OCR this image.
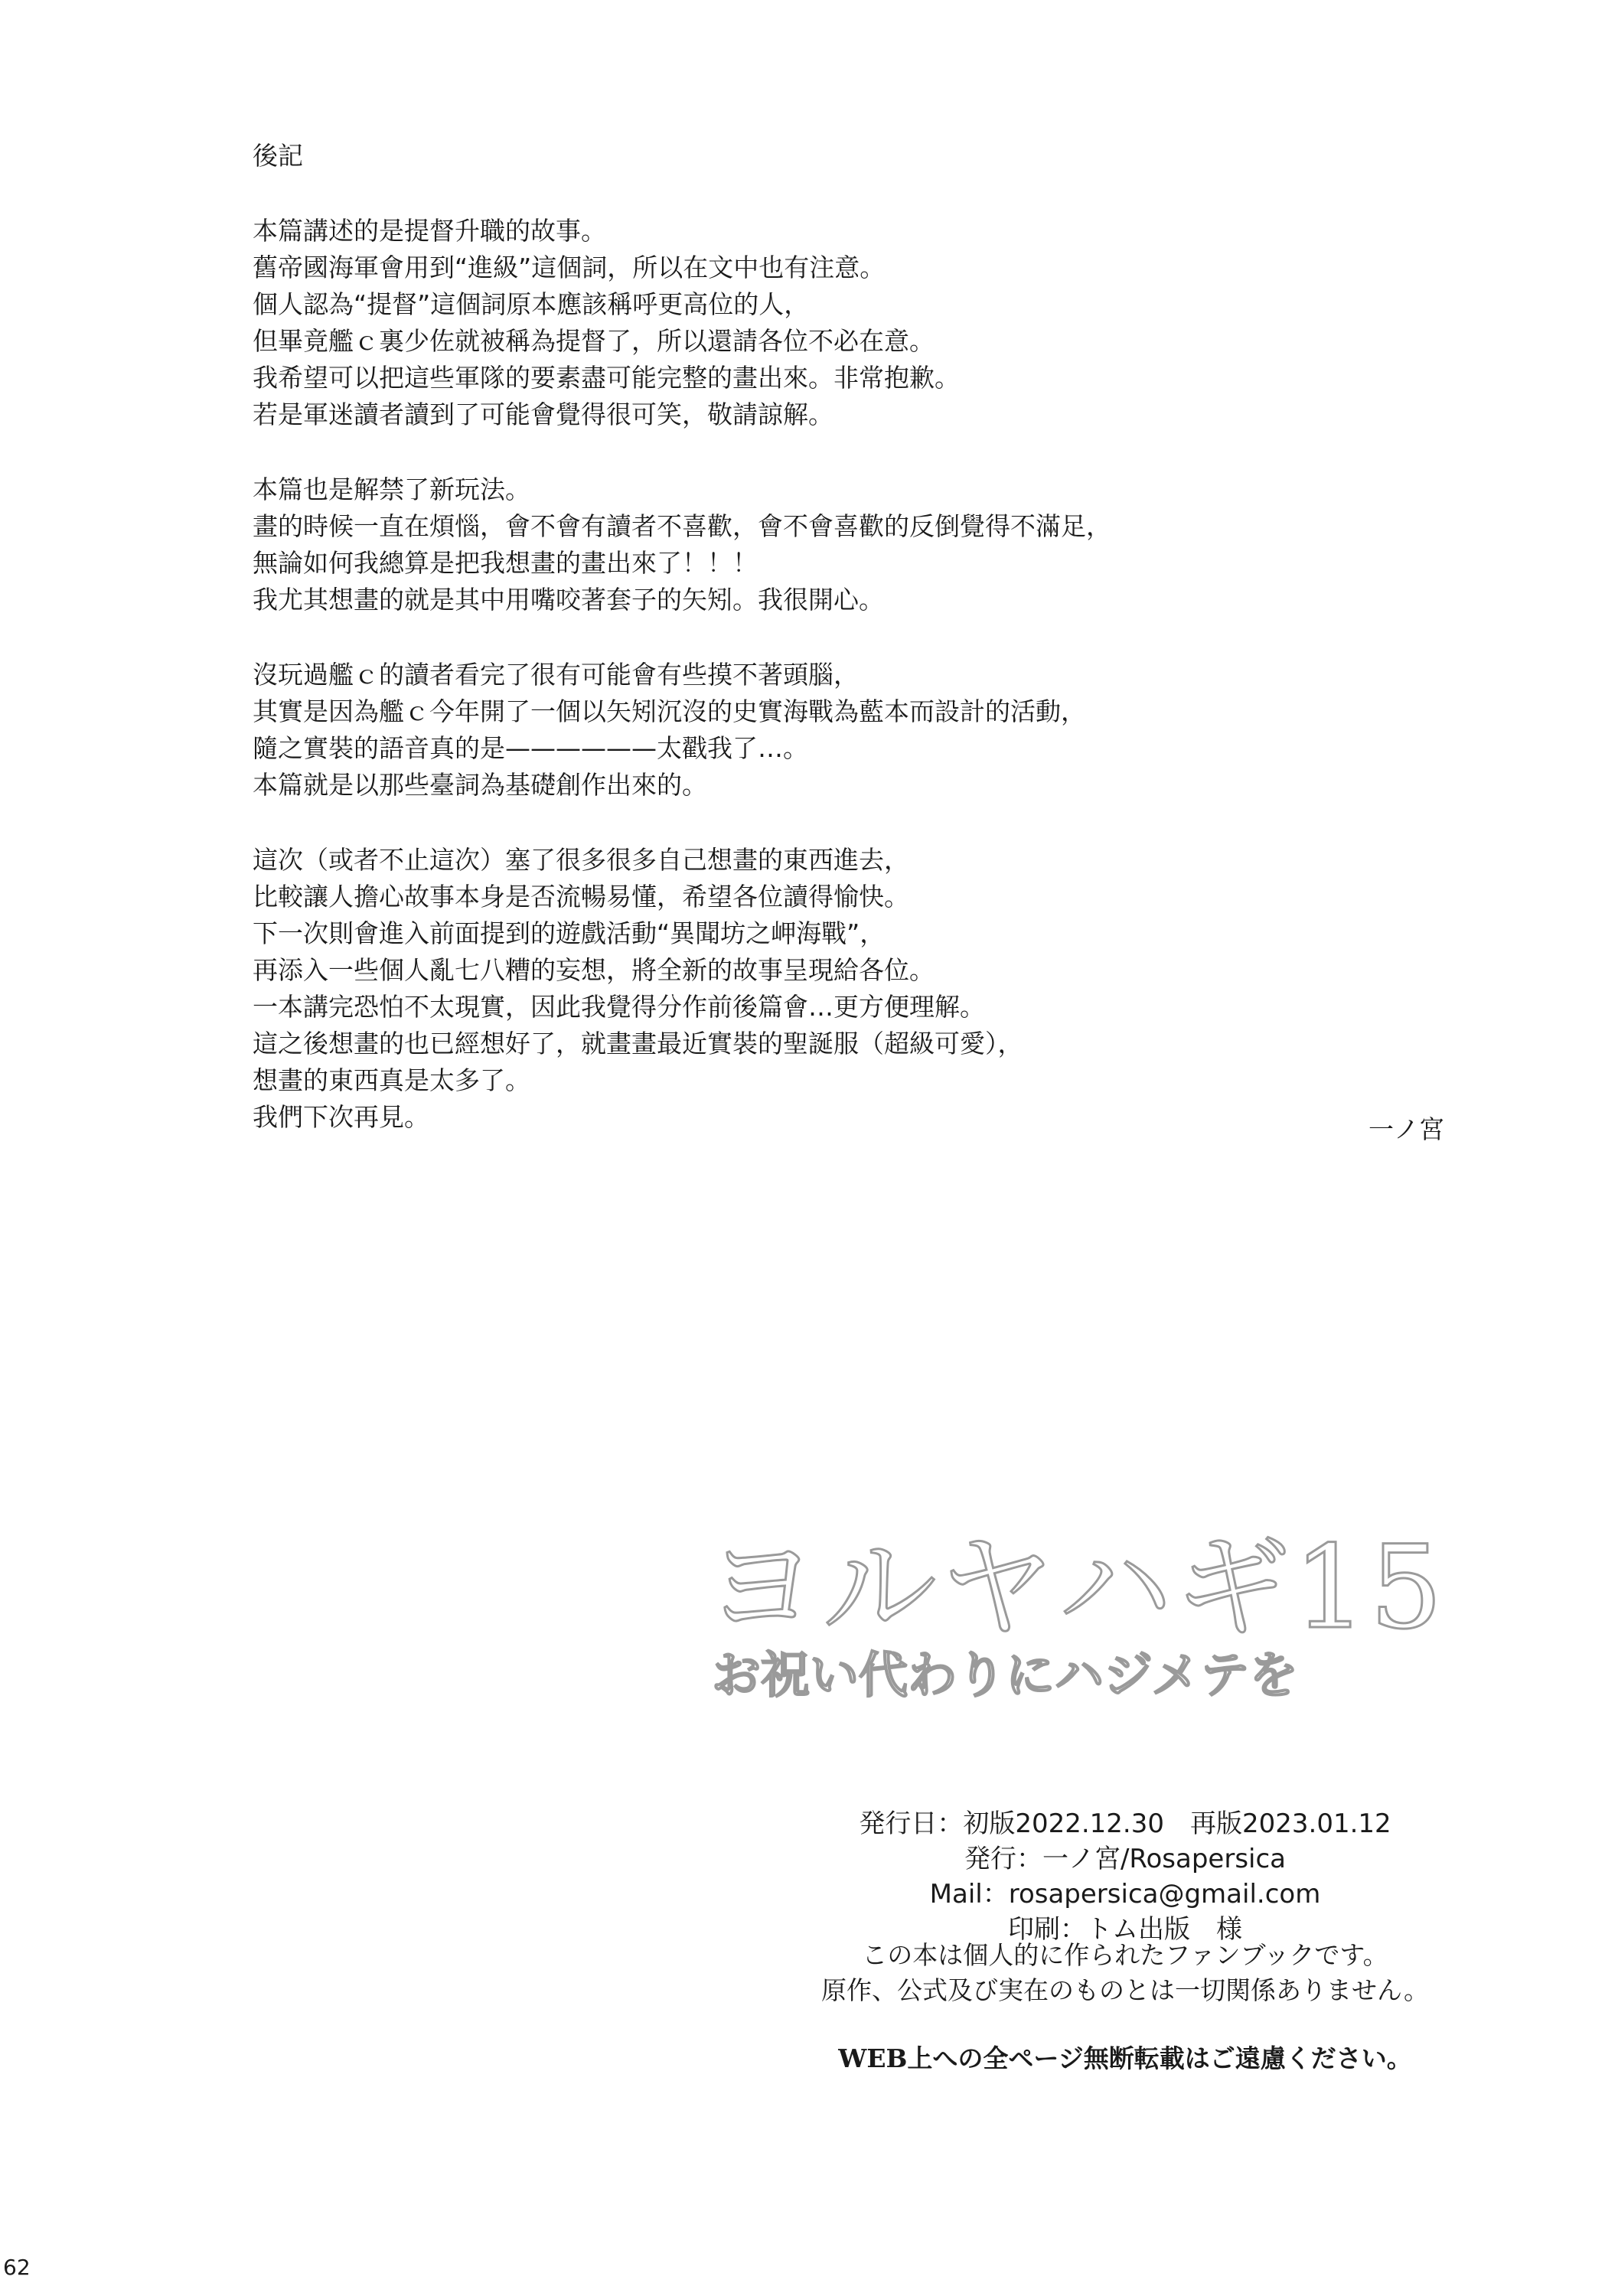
後記
本篇講述的是提督升職的故事。
舊帝國海軍會用到“進級”這個詞，所以在文中也有注意。
個人認為“提督”這個詞原本應該稱呼更高位的人，
但畢竟艦ｃ裏少佐就被稱為提督了，所以還請各位不必在意。
我希望可以把這些軍隊的要素盡可能完整的畫出來。非常抱歉。
若是軍迷讀者讀到了可能會覺得很可笑，敬請諒解。
本篇也是解禁了新玩法。
畫的時候一直在煩惱，會不會有讀者不喜歡，會不會喜歡的反倒覺得不滿足，
無論如何我總算是把我想畫的畫出來了！！！
我尤其想畫的就是其中用嘴咬著套子的矢矧。我很開心。
沒玩過艦ｃ的讀者看完了很有可能會有些摸不著頭腦，
其實是因為艦ｃ今年開了一個以矢矧沉沒的史實海戰為藍本而設計的活動，
隨之實裝的語音真的是——————太戳我了…。
本篇就是以那些臺詞為基礎創作出來的。
這次（或者不止這次）塞了很多很多自己想畫的東西進去，
比較讓人擔心故事本身是否流暢易懂，希望各位讀得愉快。
下一次則會進入前面提到的遊戲活動“異聞坊之岬海戰”，
再添入一些個人亂七八糟的妄想，將全新的故事呈現給各位。
一本講完恐怕不太現實，因此我覺得分作前後篇會…更方便理解。
這之後想畫的也已經想好了，就畫畫最近實裝的聖誕服（超級可愛），
想畫的東西真是太多了。
我們下次再見。	一ノ宮
ヨルヤハギ15
お祝い代わりにハジメテを
発行日：初版2022.12.30　再版2023.01.12
発行：一ノ宮/Rosapersica
Mail：rosapersica@gmail.com
印刷：トム出版　様
この本は個人的に作られたファンブックです。
原作、公式及び実在のものとは一切関係ありません。
WEB上への全ページ無断転載はご遠慮ください。
62
